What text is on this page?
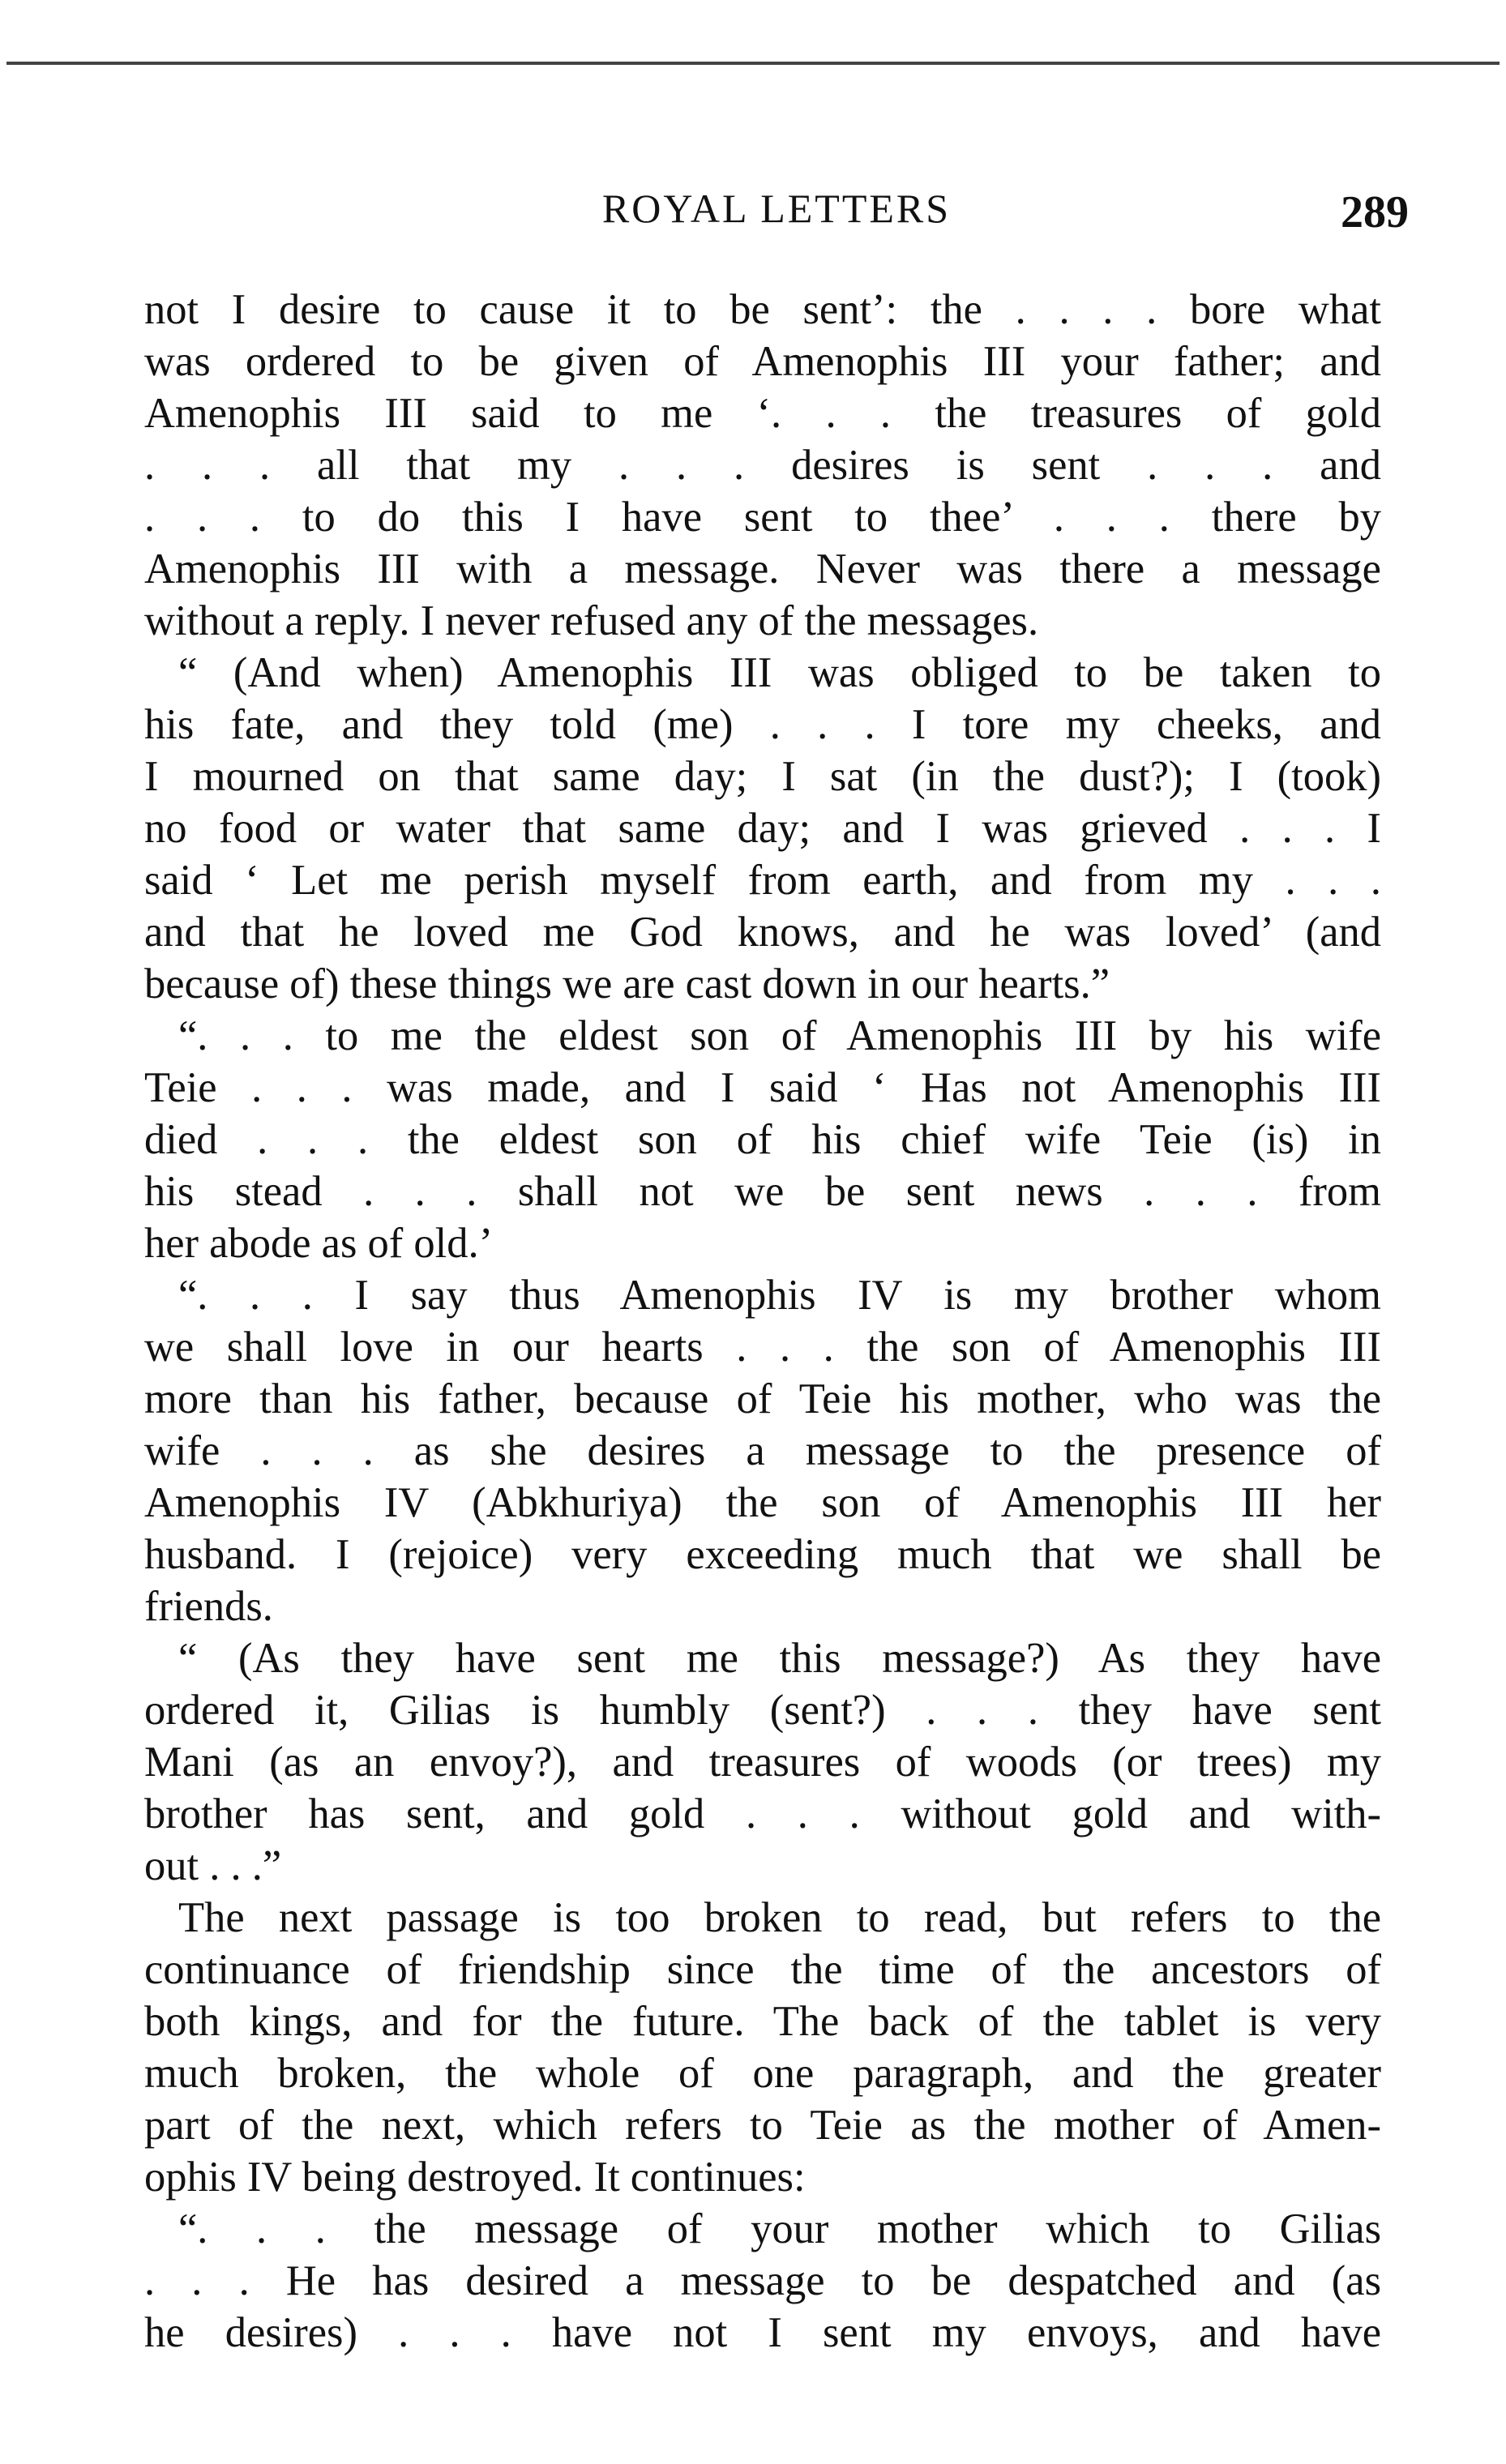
ROYAL LETTERS	289
not I desire to cause it to be sent’: the . . . . bore what
was ordered to be given of Amenophis III your father; and
Amenophis III said to me ‘. . . the treasures of gold
. . . all that my . . . desires is sent . . . and
. . . to do this I have sent to thee’ . . . there by
Amenophis III with a message. Never was there a message
without a reply. I never refused any of the messages.
“ (And when) Amenophis III was obliged to be taken to
his fate, and they told (me) . . . I tore my cheeks, and
I mourned on that same day; I sat (in the dust?); I (took)
no food or water that same day; and I was grieved . . . I
said ‘ Let me perish myself from earth, and from my . . .
and that he loved me God knows, and he was loved’ (and
because of) these things we are cast down in our hearts.”
“. . . to me the eldest son of Amenophis III by his wife
Teie . . . was made, and I said ‘ Has not Amenophis III
died . . . the eldest son of his chief wife Teie (is) in
his stead . . . shall not we be sent news . . . from
her abode as of old.’
“. . . I say thus Amenophis IV is my brother whom
we shall love in our hearts . . . the son of Amenophis III
more than his father, because of Teie his mother, who was the
wife . . . as she desires a message to the presence of
Amenophis IV (Abkhuriya) the son of Amenophis III her
husband. I (rejoice) very exceeding much that we shall be
friends.
“ (As they have sent me this message?) As they have
ordered it, Gilias is humbly (sent?) . . . they have sent
Mani (as an envoy?), and treasures of woods (or trees) my
brother has sent, and gold . . . without gold and with-
out . . .”
The next passage is too broken to read, but refers to the
continuance of friendship since the time of the ancestors of
both kings, and for the future. The back of the tablet is very
much broken, the whole of one paragraph, and the greater
part of the next, which refers to Teie as the mother of Amen-
ophis IV being destroyed. It continues:
“. . . the message of your mother which to Gilias
. . . He has desired a message to be despatched and (as
he desires) . . . have not I sent my envoys, and have
